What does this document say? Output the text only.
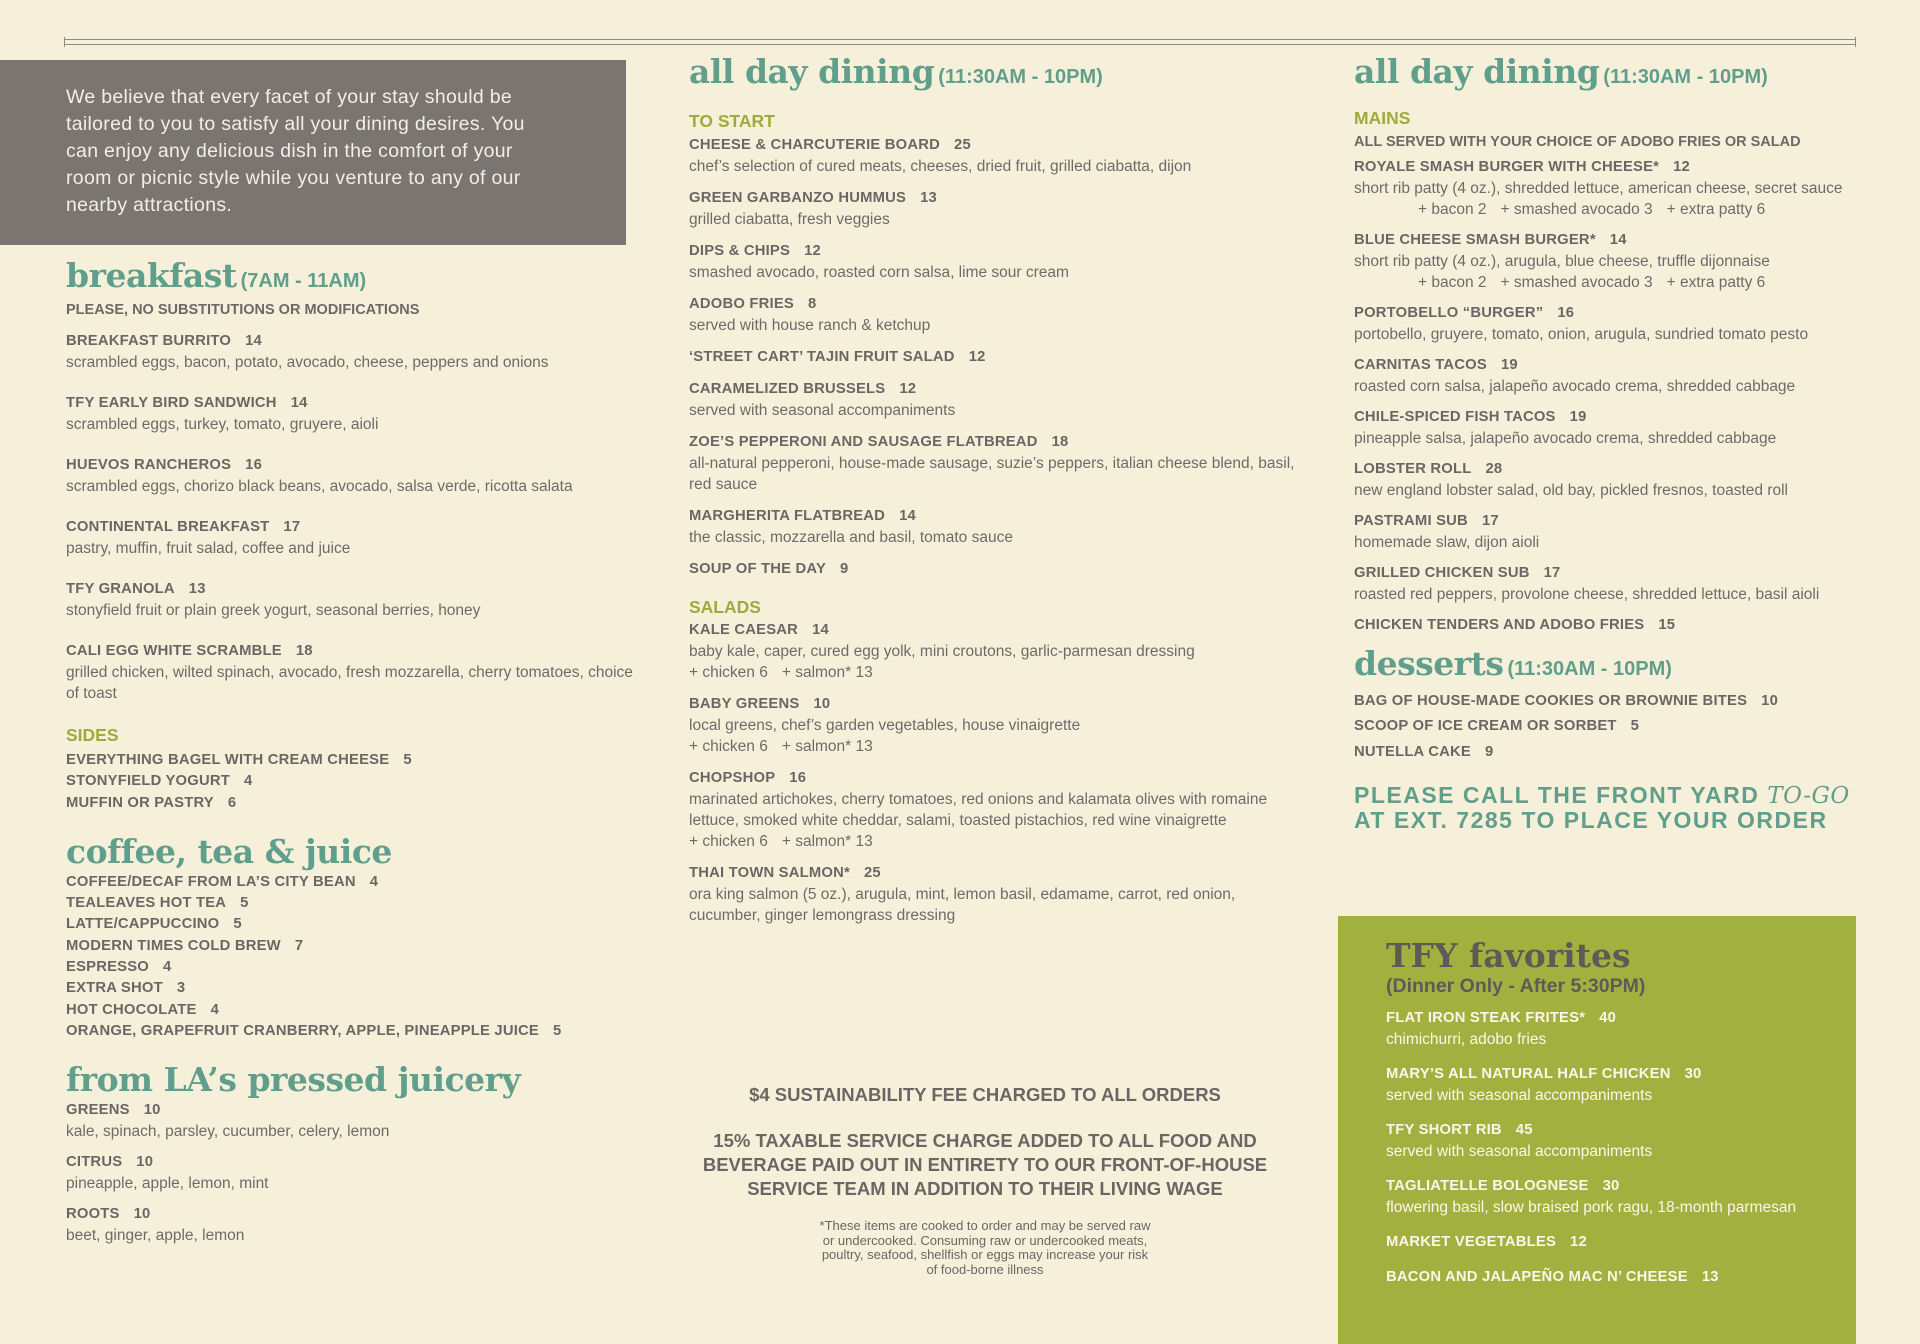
We believe that every facet of your stay should be tailored to you to satisfy all your dining desires. You can enjoy any delicious dish in the comfort of your room or picnic style while you venture to any of our nearby attractions.
breakfast (7AM - 11AM)
PLEASE, NO SUBSTITUTIONS OR MODIFICATIONS
BREAKFAST BURRITO 14
scrambled eggs, bacon, potato, avocado, cheese, peppers and onions
TFY EARLY BIRD SANDWICH 14
scrambled eggs, turkey, tomato, gruyere, aioli
HUEVOS RANCHEROS 16
scrambled eggs, chorizo black beans, avocado, salsa verde, ricotta salata
CONTINENTAL BREAKFAST 17
pastry, muffin, fruit salad, coffee and juice
TFY GRANOLA 13
stonyfield fruit or plain greek yogurt, seasonal berries, honey
CALI EGG WHITE SCRAMBLE 18
grilled chicken, wilted spinach, avocado, fresh mozzarella, cherry tomatoes, choice of toast
SIDES
EVERYTHING BAGEL WITH CREAM CHEESE 5
STONYFIELD YOGURT 4
MUFFIN OR PASTRY 6
coffee, tea & juice
COFFEE/DECAF FROM LA’S CITY BEAN 4
TEALEAVES HOT TEA 5
LATTE/CAPPUCCINO 5
MODERN TIMES COLD BREW 7
ESPRESSO 4
EXTRA SHOT 3
HOT CHOCOLATE 4
ORANGE, GRAPEFRUIT CRANBERRY, APPLE, PINEAPPLE JUICE 5
from LA’s pressed juicery
GREENS 10
kale, spinach, parsley, cucumber, celery, lemon
CITRUS 10
pineapple, apple, lemon, mint
ROOTS 10
beet, ginger, apple, lemon
all day dining (11:30AM - 10PM)
TO START
CHEESE & CHARCUTERIE BOARD 25
chef’s selection of cured meats, cheeses, dried fruit, grilled ciabatta, dijon
GREEN GARBANZO HUMMUS 13
grilled ciabatta, fresh veggies
DIPS & CHIPS 12
smashed avocado, roasted corn salsa, lime sour cream
ADOBO FRIES 8
served with house ranch & ketchup
‘STREET CART’ TAJIN FRUIT SALAD 12
CARAMELIZED BRUSSELS 12
served with seasonal accompaniments
ZOE’S PEPPERONI AND SAUSAGE FLATBREAD 18
all-natural pepperoni, house-made sausage, suzie’s peppers, italian cheese blend, basil, red sauce
MARGHERITA FLATBREAD 14
the classic, mozzarella and basil, tomato sauce
SOUP OF THE DAY 9
SALADS
KALE CAESAR 14
baby kale, caper, cured egg yolk, mini croutons, garlic-parmesan dressing
+ chicken 6 + salmon* 13
BABY GREENS 10
local greens, chef’s garden vegetables, house vinaigrette
+ chicken 6 + salmon* 13
CHOPSHOP 16
marinated artichokes, cherry tomatoes, red onions and kalamata olives with romaine lettuce, smoked white cheddar, salami, toasted pistachios, red wine vinaigrette
+ chicken 6 + salmon* 13
THAI TOWN SALMON* 25
ora king salmon (5 oz.), arugula, mint, lemon basil, edamame, carrot, red onion, cucumber, ginger lemongrass dressing
$4 SUSTAINABILITY FEE CHARGED TO ALL ORDERS
15% TAXABLE SERVICE CHARGE ADDED TO ALL FOOD AND BEVERAGE PAID OUT IN ENTIRETY TO OUR FRONT-OF-HOUSE SERVICE TEAM IN ADDITION TO THEIR LIVING WAGE
*These items are cooked to order and may be served raw or undercooked. Consuming raw or undercooked meats, poultry, seafood, shellfish or eggs may increase your risk of food-borne illness
all day dining (11:30AM - 10PM)
MAINS
ALL SERVED WITH YOUR CHOICE OF ADOBO FRIES OR SALAD
ROYALE SMASH BURGER WITH CHEESE* 12
short rib patty (4 oz.), shredded lettuce, american cheese, secret sauce
+ bacon 2 + smashed avocado 3 + extra patty 6
BLUE CHEESE SMASH BURGER* 14
short rib patty (4 oz.), arugula, blue cheese, truffle dijonnaise
+ bacon 2 + smashed avocado 3 + extra patty 6
PORTOBELLO “BURGER” 16
portobello, gruyere, tomato, onion, arugula, sundried tomato pesto
CARNITAS TACOS 19
roasted corn salsa, jalapeño avocado crema, shredded cabbage
CHILE-SPICED FISH TACOS 19
pineapple salsa, jalapeño avocado crema, shredded cabbage
LOBSTER ROLL 28
new england lobster salad, old bay, pickled fresnos, toasted roll
PASTRAMI SUB 17
homemade slaw, dijon aioli
GRILLED CHICKEN SUB 17
roasted red peppers, provolone cheese, shredded lettuce, basil aioli
CHICKEN TENDERS AND ADOBO FRIES 15
desserts (11:30AM - 10PM)
BAG OF HOUSE-MADE COOKIES OR BROWNIE BITES 10
SCOOP OF ICE CREAM OR SORBET 5
NUTELLA CAKE 9
PLEASE CALL THE FRONT YARD TO-GO
AT EXT. 7285 TO PLACE YOUR ORDER
TFY favorites
(Dinner Only - After 5:30PM)
FLAT IRON STEAK FRITES* 40
chimichurri, adobo fries
MARY’S ALL NATURAL HALF CHICKEN 30
served with seasonal accompaniments
TFY SHORT RIB 45
served with seasonal accompaniments
TAGLIATELLE BOLOGNESE 30
flowering basil, slow braised pork ragu, 18-month parmesan
MARKET VEGETABLES 12
BACON AND JALAPEÑO MAC N’ CHEESE 13
